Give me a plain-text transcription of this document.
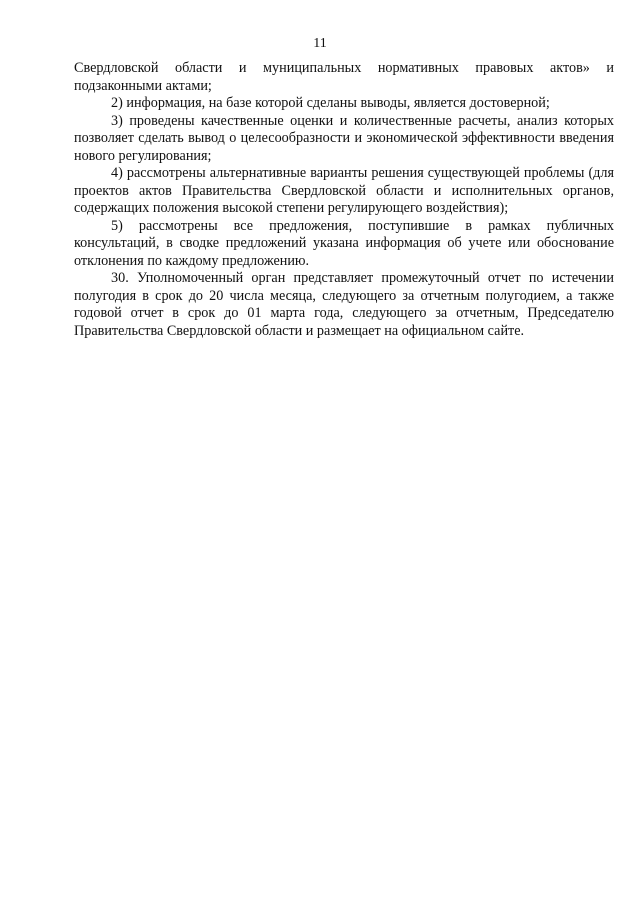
11

Свердловской области и муниципальных нормативных правовых актов» и подзаконными актами;

2) информация, на базе которой сделаны выводы, является достоверной;

3) проведены качественные оценки и количественные расчеты, анализ которых позволяет сделать вывод о целесообразности и экономической эффективности введения нового регулирования;

4) рассмотрены альтернативные варианты решения существующей проблемы (для проектов актов Правительства Свердловской области и исполнительных органов, содержащих положения высокой степени регулирующего воздействия);

5) рассмотрены все предложения, поступившие в рамках публичных консультаций, в сводке предложений указана информация об учете или обоснование отклонения по каждому предложению.

30. Уполномоченный орган представляет промежуточный отчет по истечении полугодия в срок до 20 числа месяца, следующего за отчетным полугодием, а также годовой отчет в срок до 01 марта года, следующего за отчетным, Председателю Правительства Свердловской области и размещает на официальном сайте.
